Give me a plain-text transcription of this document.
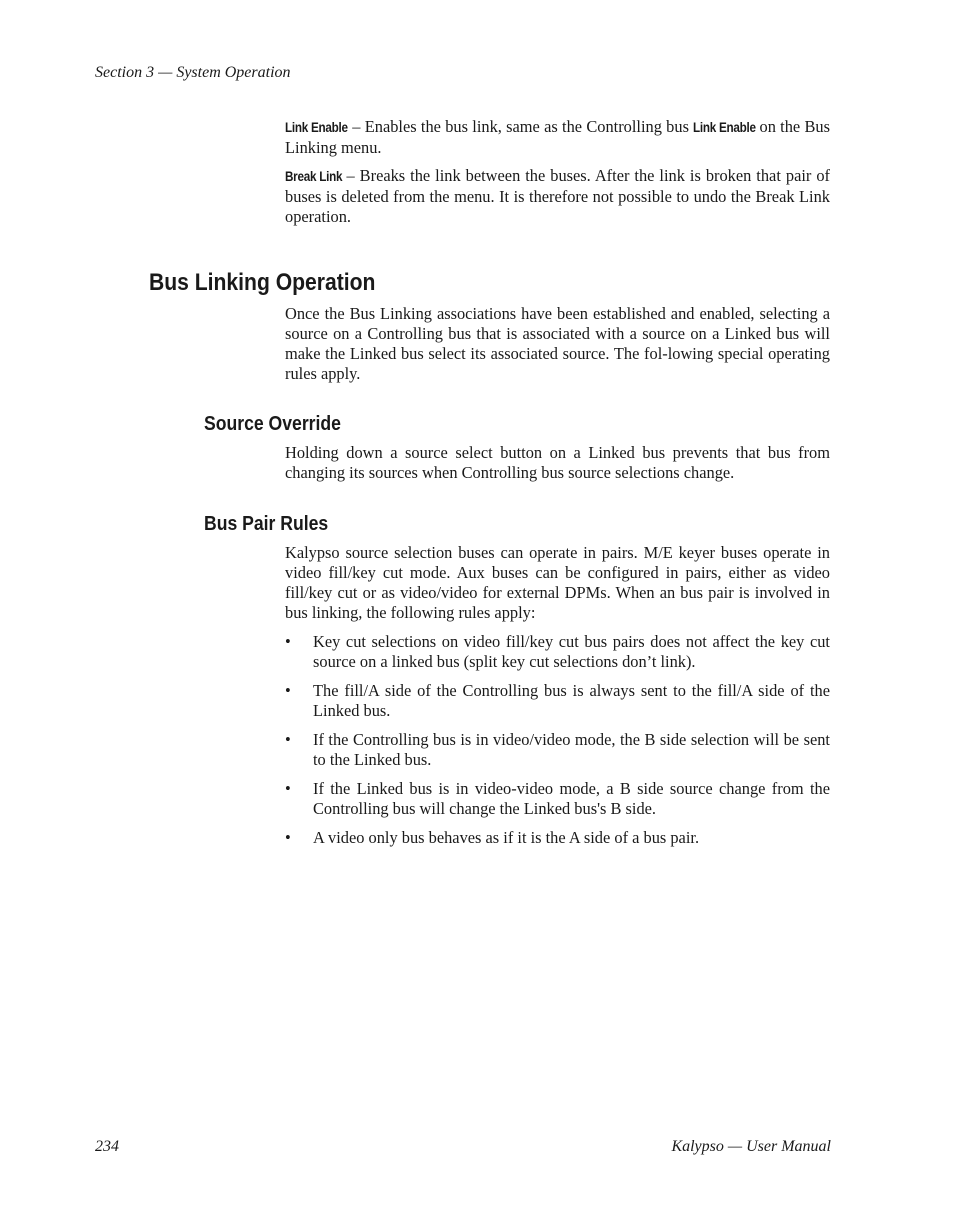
Section 3 — System Operation

Link Enable – Enables the bus link, same as the Controlling bus Link Enable on the Bus Linking menu.

Break Link – Breaks the link between the buses. After the link is broken that pair of buses is deleted from the menu. It is therefore not possible to undo the Break Link operation.

Bus Linking Operation

Once the Bus Linking associations have been established and enabled, selecting a source on a Controlling bus that is associated with a source on a Linked bus will make the Linked bus select its associated source. The fol-lowing special operating rules apply.

Source Override

Holding down a source select button on a Linked bus prevents that bus from changing its sources when Controlling bus source selections change.

Bus Pair Rules

Kalypso source selection buses can operate in pairs. M/E keyer buses operate in video fill/key cut mode. Aux buses can be configured in pairs, either as video fill/key cut or as video/video for external DPMs. When an bus pair is involved in bus linking, the following rules apply:

• Key cut selections on video fill/key cut bus pairs does not affect the key cut source on a linked bus (split key cut selections don’t link).
• The fill/A side of the Controlling bus is always sent to the fill/A side of the Linked bus.
• If the Controlling bus is in video/video mode, the B side selection will be sent to the Linked bus.
• If the Linked bus is in video-video mode, a B side source change from the Controlling bus will change the Linked bus's B side.
• A video only bus behaves as if it is the A side of a bus pair.
234	Kalypso — User Manual
